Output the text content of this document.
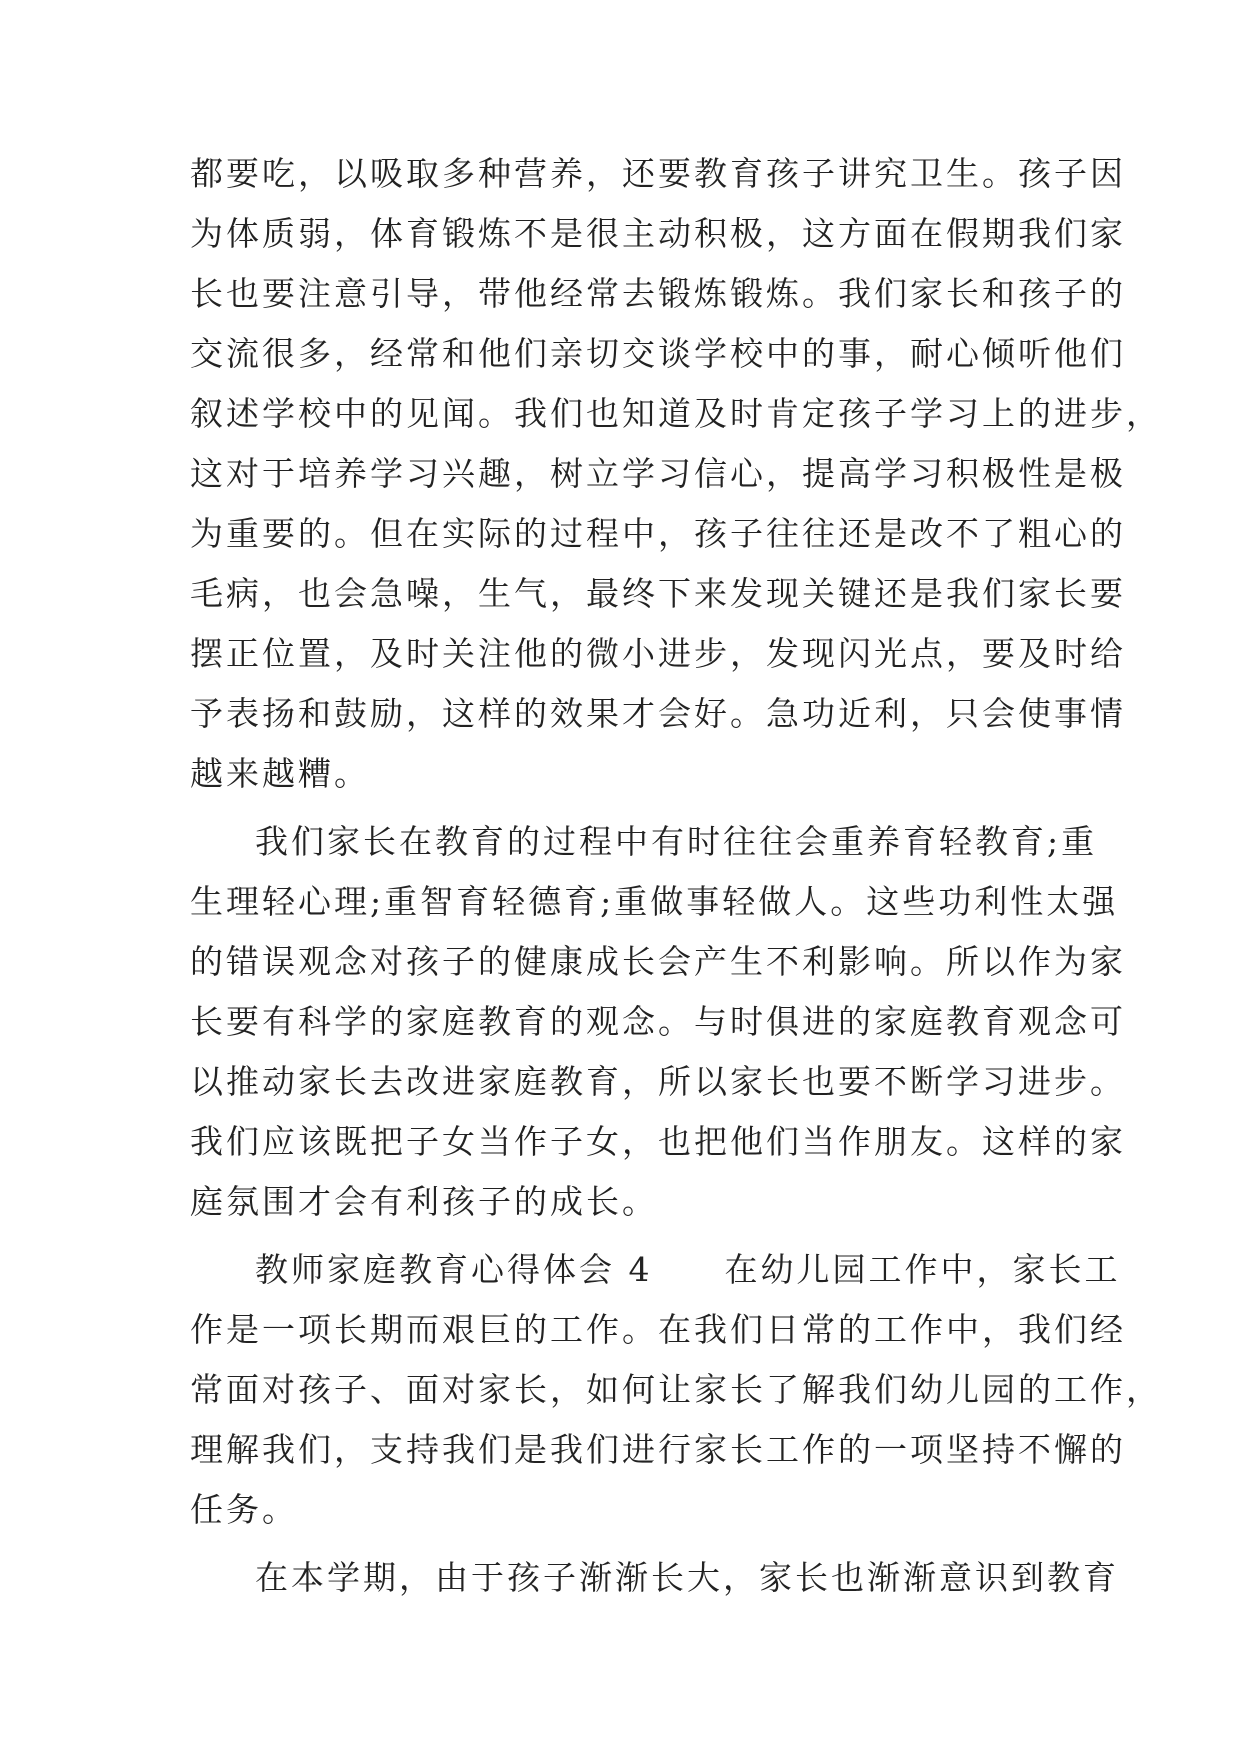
都要吃，以吸取多种营养，还要教育孩子讲究卫生。孩子因
为体质弱，体育锻炼不是很主动积极，这方面在假期我们家
长也要注意引导，带他经常去锻炼锻炼。我们家长和孩子的
交流很多，经常和他们亲切交谈学校中的事，耐心倾听他们
叙述学校中的见闻。我们也知道及时肯定孩子学习上的进步，
这对于培养学习兴趣，树立学习信心，提高学习积极性是极
为重要的。但在实际的过程中，孩子往往还是改不了粗心的
毛病，也会急噪，生气，最终下来发现关键还是我们家长要
摆正位置，及时关注他的微小进步，发现闪光点，要及时给
予表扬和鼓励，这样的效果才会好。急功近利，只会使事情
越来越糟。
我们家长在教育的过程中有时往往会重养育轻教育;重
生理轻心理;重智育轻德育;重做事轻做人。这些功利性太强
的错误观念对孩子的健康成长会产生不利影响。所以作为家
长要有科学的家庭教育的观念。与时俱进的家庭教育观念可
以推动家长去改进家庭教育，所以家长也要不断学习进步。
我们应该既把子女当作子女，也把他们当作朋友。这样的家
庭氛围才会有利孩子的成长。
教师家庭教育心得体会 4　　在幼儿园工作中，家长工
作是一项长期而艰巨的工作。在我们日常的工作中，我们经
常面对孩子、面对家长，如何让家长了解我们幼儿园的工作，
理解我们，支持我们是我们进行家长工作的一项坚持不懈的
任务。
在本学期，由于孩子渐渐长大，家长也渐渐意识到教育
